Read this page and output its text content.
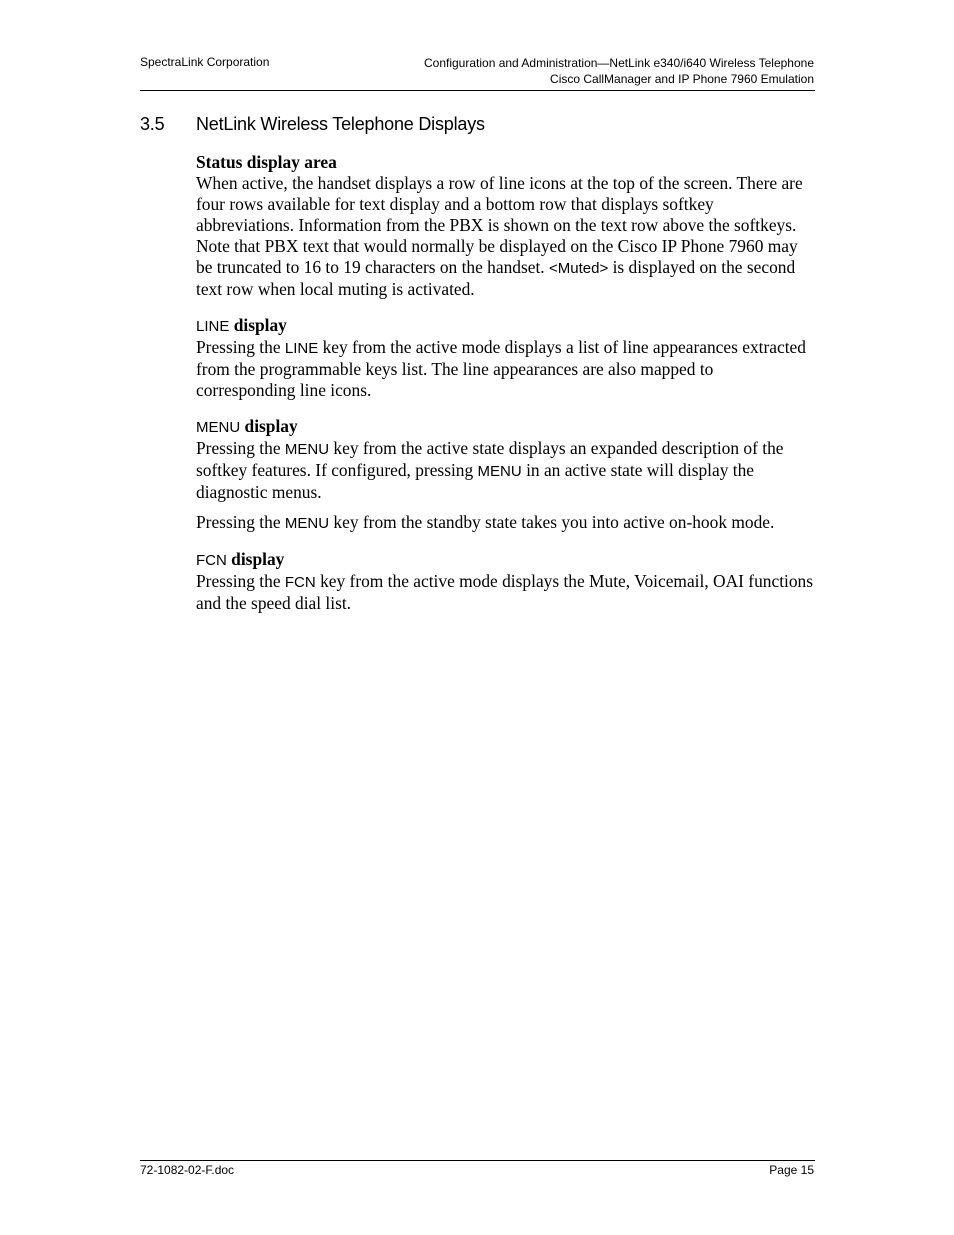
SpectraLink Corporation	Configuration and Administration—NetLink e340/i640 Wireless Telephone
Cisco CallManager and IP Phone 7960 Emulation
3.5 NetLink Wireless Telephone Displays
Status display area

When active, the handset displays a row of line icons at the top of the screen. There are four rows available for text display and a bottom row that displays softkey abbreviations. Information from the PBX is shown on the text row above the softkeys. Note that PBX text that would normally be displayed on the Cisco IP Phone 7960 may be truncated to 16 to 19 characters on the handset. <Muted> is displayed on the second text row when local muting is activated.

LINE display

Pressing the LINE key from the active mode displays a list of line appearances extracted from the programmable keys list. The line appearances are also mapped to corresponding line icons.

MENU display

Pressing the MENU key from the active state displays an expanded description of the softkey features. If configured, pressing MENU in an active state will display the diagnostic menus.

Pressing the MENU key from the standby state takes you into active on-hook mode.

FCN display

Pressing the FCN key from the active mode displays the Mute, Voicemail, OAI functions and the speed dial list.

72-1082-02-F.doc	Page 15
